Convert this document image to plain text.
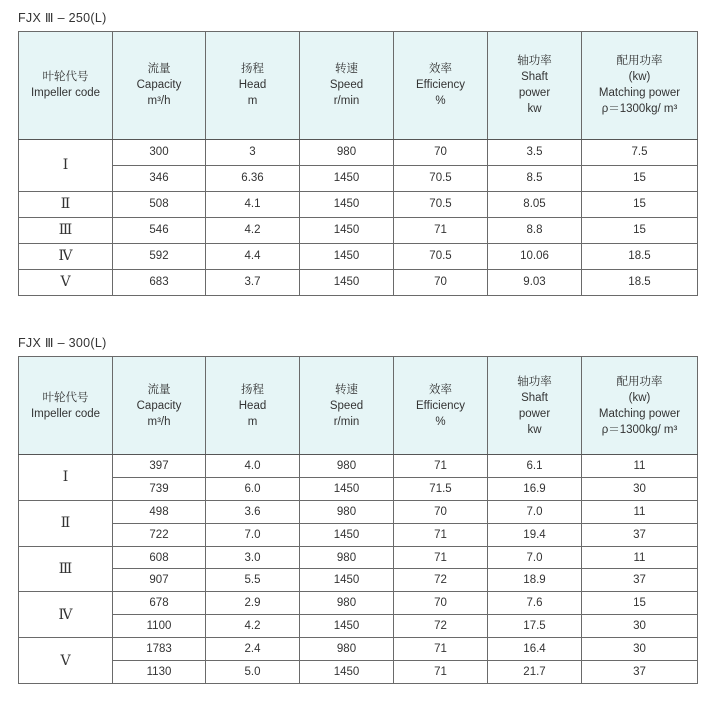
FJX Ⅲ – 250(L)
叶轮代号
Impeller code	流量
Capacity
m³/h	扬程
Head
m	转速
Speed
r/min	效率
Efficiency
%	轴功率
Shaft
power
kw	配用功率
(kw)
Matching power
ρ＝1300kg/ m³

Ⅰ	300	3	980	70	3.5	7.5
	346	6.36	1450	70.5	8.5	15
Ⅱ	508	4.1	1450	70.5	8.05	15
Ⅲ	546	4.2	1450	71	8.8	15
Ⅳ	592	4.4	1450	70.5	10.06	18.5
Ⅴ	683	3.7	1450	70	9.03	18.5
FJX Ⅲ – 300(L)
叶轮代号
Impeller code	流量
Capacity
m³/h	扬程
Head
m	转速
Speed
r/min	效率
Efficiency
%	轴功率
Shaft
power
kw	配用功率
(kw)
Matching power
ρ＝1300kg/ m³

Ⅰ	397	4.0	980	71	6.1	11
	739	6.0	1450	71.5	16.9	30
Ⅱ	498	3.6	980	70	7.0	11
	722	7.0	1450	71	19.4	37
Ⅲ	608	3.0	980	71	7.0	11
	907	5.5	1450	72	18.9	37
Ⅳ	678	2.9	980	70	7.6	15
	1100	4.2	1450	72	17.5	30
Ⅴ	1783	2.4	980	71	16.4	30
	1130	5.0	1450	71	21.7	37
